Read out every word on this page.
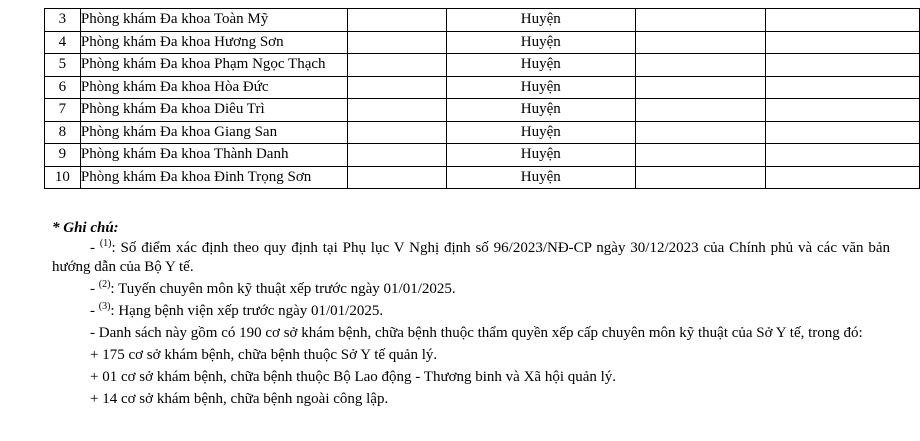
3	Phòng khám Đa khoa Toàn Mỹ		Huyện		
4	Phòng khám Đa khoa Hương Sơn		Huyện		
5	Phòng khám Đa khoa Phạm Ngọc Thạch		Huyện		
6	Phòng khám Đa khoa Hòa Đức		Huyện		
7	Phòng khám Đa khoa Diêu Trì		Huyện		
8	Phòng khám Đa khoa Giang San		Huyện		
9	Phòng khám Đa khoa Thành Danh		Huyện		
10	Phòng khám Đa khoa Đinh Trọng Sơn		Huyện		

* Ghi chú:

- $^{(1)}$: Số điểm xác định theo quy định tại Phụ lục V Nghị định số 96/2023/NĐ-CP ngày 30/12/2023 của Chính phủ và các văn bản hướng dẫn của Bộ Y tế.

- $^{(2)}$: Tuyến chuyên môn kỹ thuật xếp trước ngày 01/01/2025.

- $^{(3)}$: Hạng bệnh viện xếp trước ngày 01/01/2025.

- Danh sách này gồm có 190 cơ sở khám bệnh, chữa bệnh thuộc thẩm quyền xếp cấp chuyên môn kỹ thuật của Sở Y tế, trong đó:

+ 175 cơ sở khám bệnh, chữa bệnh thuộc Sở Y tế quản lý.

+ 01 cơ sở khám bệnh, chữa bệnh thuộc Bộ Lao động - Thương binh và Xã hội quản lý.

+ 14 cơ sở khám bệnh, chữa bệnh ngoài công lập.
